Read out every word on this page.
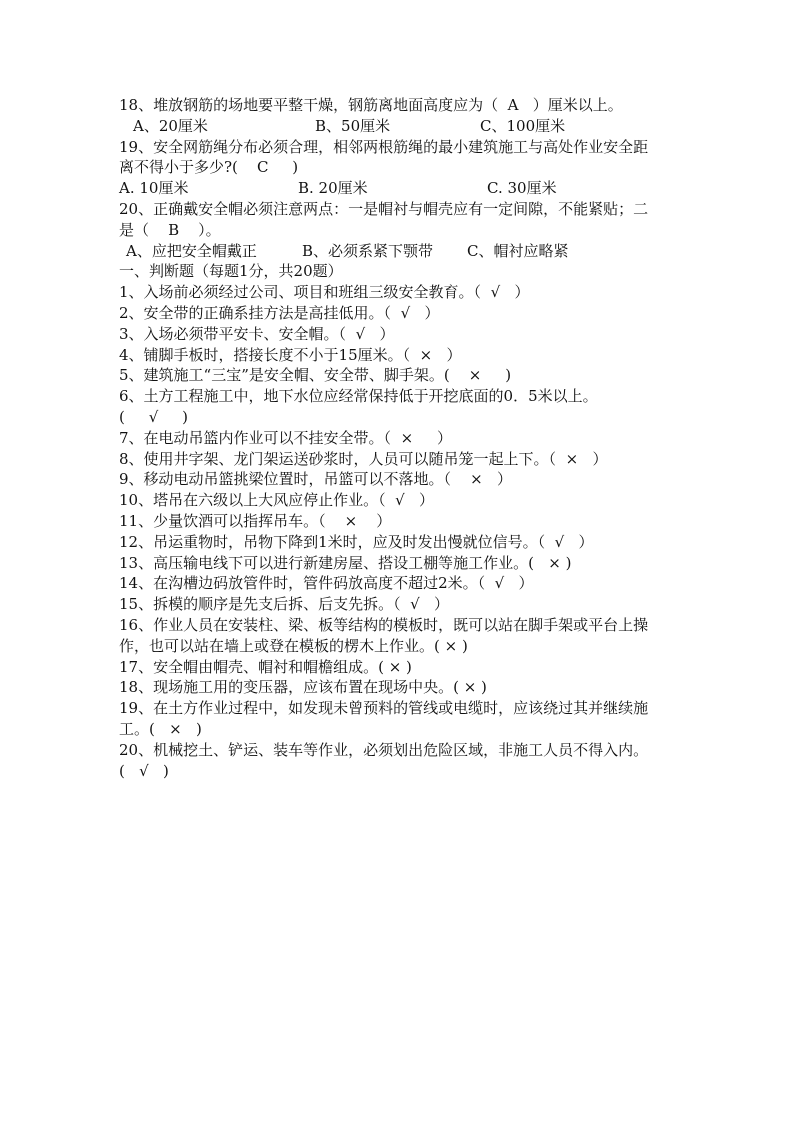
18、堆放钢筋的场地要平整干燥，钢筋离地面高度应为（  A   ）厘米以上。
A、20厘米	B、50厘米	C、100厘米
19、安全网筋绳分布必须合理，相邻两根筋绳的最小建筑施工与高处作业安全距
离不得小于多少?(    C     )
A. 10厘米	B. 20厘米	C. 30厘米
20、正确戴安全帽必须注意两点：一是帽衬与帽壳应有一定间隙，不能紧贴；二
是（    B    ）。
A、应把安全帽戴正	B、必须系紧下颚带 C、帽衬应略紧
一、判断题（每题1分，共20题）
1、入场前必须经过公司、项目和班组三级安全教育。（  √   ）
2、安全带的正确系挂方法是高挂低用。（  √   ）
3、入场必须带平安卡、安全帽。（  √   ）
4、铺脚手板时，搭接长度不小于15厘米。（  ×   ）
5、建筑施工“三宝”是安全帽、安全带、脚手架。(    ×     )
6、土方工程施工中，地下水位应经常保持低于开挖底面的0．5米以上。
(     √     )
7、在电动吊篮内作业可以不挂安全带。（  ×     ）
8、使用井字架、龙门架运送砂浆时，人员可以随吊笼一起上下。（  ×   ）
9、移动电动吊篮挑梁位置时，吊篮可以不落地。（    ×   ）
10、塔吊在六级以上大风应停止作业。（  √   ）
11、少量饮酒可以指挥吊车。（    ×    ）
12、吊运重物时，吊物下降到1米时，应及时发出慢就位信号。（  √   ）
13、高压输电线下可以进行新建房屋、搭设工棚等施工作业。(   × )
14、在沟槽边码放管件时，管件码放高度不超过2米。（  √   ）
15、拆模的顺序是先支后拆、后支先拆。（  √   ）
16、作业人员在安装柱、梁、板等结构的模板时，既可以站在脚手架或平台上操
作，也可以站在墙上或登在模板的楞木上作业。( × )
17、安全帽由帽壳、帽衬和帽檐组成。( × )
18、现场施工用的变压器，应该布置在现场中央。( × )
19、在土方作业过程中，如发现未曾预料的管线或电缆时，应该绕过其并继续施
工。(   ×   )
20、机械挖土、铲运、装车等作业，必须划出危险区域，非施工人员不得入内。
(   √   )
